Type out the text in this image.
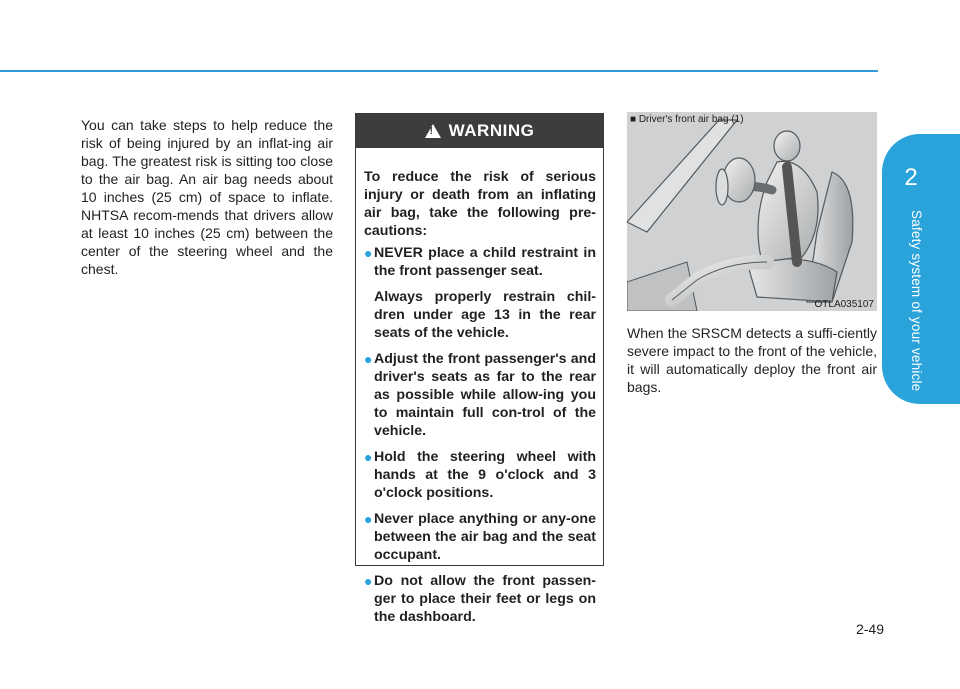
2
Safety system of your vehicle
You can take steps to help reduce the risk of being injured by an inflat-ing air bag. The greatest risk is sitting too close to the air bag. An air bag needs about 10 inches (25 cm) of space to inflate. NHTSA recom-mends that drivers allow at least 10 inches (25 cm) between the center of the steering wheel and the chest.
!
WARNING
To reduce the risk of serious injury or death from an inflating air bag, take the following pre-cautions:
● NEVER place a child restraint in the front passenger seat.
Always properly restrain chil-dren under age 13 in the rear seats of the vehicle.
● Adjust the front passenger's and driver's seats as far to the rear as possible while allow-ing you to maintain full con-trol of the vehicle.
● Hold the steering wheel with hands at the 9 o'clock and 3 o'clock positions.
● Never place anything or any-one between the air bag and the seat occupant.
● Do not allow the front passen-ger to place their feet or legs on the dashboard.
■ Driver's front air bag (1)
OTLA035107
When the SRSCM detects a suffi-ciently severe impact to the front of the vehicle, it will automatically deploy the front air bags.
2-49
